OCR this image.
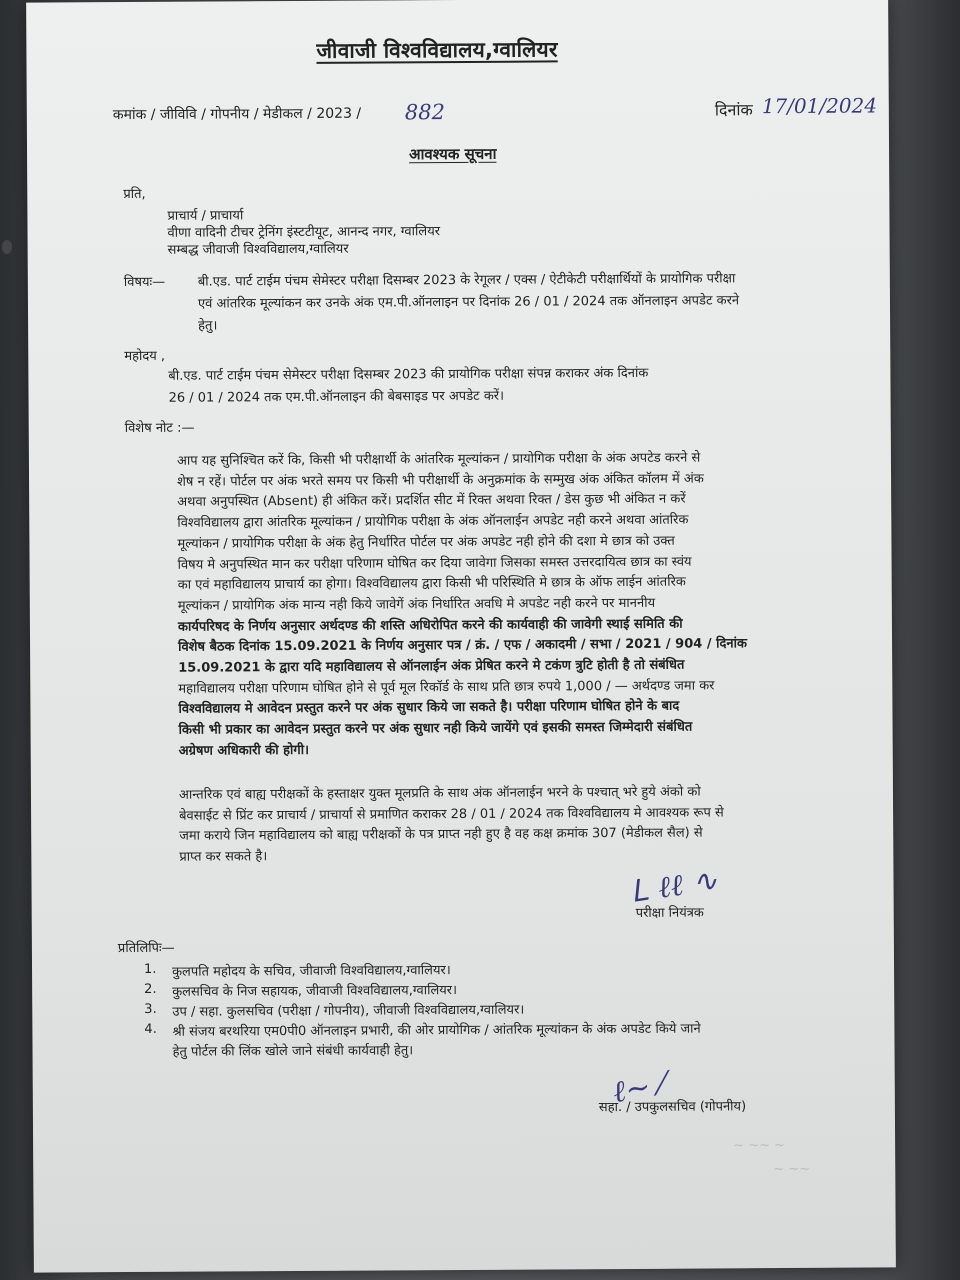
जीवाजी विश्वविद्यालय,ग्वालियर
कमांक / जीविवि / गोपनीय / मेडीकल / 2023 / 882	दिनांक 17/01/2024
आवश्यक सूचना
प्रति,
प्राचार्य / प्राचार्या
वीणा वादिनी टीचर ट्रेनिंग इंस्टटीयूट, आनन्द नगर, ग्वालियर
सम्बद्ध जीवाजी विश्वविद्यालय,ग्वालियर
विषयः—	बी.एड. पार्ट टाईम पंचम सेमेस्टर परीक्षा दिसम्बर 2023 के रेगूलर / एक्स / ऐटीकेटी परीक्षार्थियों के प्रायोगिक परीक्षा
एवं आंतरिक मूल्यांकन कर उनके अंक एम.पी.ऑनलाइन पर दिनांक 26 / 01 / 2024 तक ऑनलाइन अपडेट करने
हेतु।
महोदय ,
बी.एड. पार्ट टाईम पंचम सेमेस्टर परीक्षा दिसम्बर 2023 की प्रायोगिक परीक्षा संपन्न कराकर अंक दिनांक
26 / 01 / 2024 तक एम.पी.ऑनलाइन की बेबसाइड पर अपडेट करें।
विशेष नोट :—
आप यह सुनिश्चित करें कि, किसी भी परीक्षार्थी के आंतरिक मूल्यांकन / प्रायोगिक परीक्षा के अंक अपटेड करने से
शेष न रहें। पोर्टल पर अंक भरते समय पर किसी भी परीक्षार्थी के अनुक्रमांक के सम्मुख अंक अंकित कॉलम में अंक
अथवा अनुपस्थित (Absent) ही अंकित करें। प्रदर्शित सीट में रिक्त अथवा रिक्त / डेस कुछ भी अंकित न करें
विश्वविद्यालय द्वारा आंतरिक मूल्यांकन / प्रायोगिक परीक्षा के अंक ऑनलाईन अपडेट नही करने अथवा आंतरिक
मूल्यांकन / प्रायोगिक परीक्षा के अंक हेतु निर्धारित पोर्टल पर अंक अपडेट नही होने की दशा मे छात्र को उक्त
विषय मे अनुपस्थित मान कर परीक्षा परिणाम घोषित कर दिया जावेगा जिसका समस्त उत्तरदायित्व छात्र का स्वंय
का एवं महाविद्यालय प्राचार्य का होगा। विश्वविद्यालय द्वारा किसी भी परिस्थिति मे छात्र के ऑफ लाईन आंतरिक
मूल्यांकन / प्रायोगिक अंक मान्य नही किये जावेगें अंक निर्धारित अवधि मे अपडेट नही करने पर माननीय
कार्यपरिषद के निर्णय अनुसार अर्थदण्ड की शस्ति अधिरोपित करने की कार्यवाही की जावेगी स्थाई समिति की
विशेष बैठक दिनांक 15.09.2021 के निर्णय अनुसार पत्र / क्रं. / एफ / अकादमी / सभा / 2021 / 904 / दिनांक
15.09.2021 के द्वारा यदि महाविद्यालय से ऑनलाईन अंक प्रेषित करने मे टकंण त्रुटि होती है तो संबंधित
महाविद्यालय परीक्षा परिणाम घोषित होने से पूर्व मूल रिकॉर्ड के साथ प्रति छात्र रुपये 1,000 / — अर्थदण्ड जमा कर
विश्वविद्यालय मे आवेदन प्रस्तुत करने पर अंक सुधार किये जा सकते है। परीक्षा परिणाम घोषित होने के बाद
किसी भी प्रकार का आवेदन प्रस्तुत करने पर अंक सुधार नही किये जायेंगे एवं इसकी समस्त जिम्मेदारी संबंधित
अग्रेषण अधिकारी की होगी।
आन्तरिक एवं बाह्य परीक्षकों के हस्ताक्षर युक्त मूलप्रति के साथ अंक ऑनलाईन भरने के पश्चात् भरे हुये अंको को
बेवसाईट से प्रिंट कर प्राचार्य / प्राचार्या से प्रमाणित कराकर 28 / 01 / 2024 तक विश्वविद्यालय मे आवश्यक रूप से
जमा कराये जिन महाविद्यालय को बाह्य परीक्षकों के पत्र प्राप्त नही हुए है वह कक्ष क्रमांक 307 (मेडीकल सैल) से
प्राप्त कर सकते है।
Ꮮ ℓℓ ∿
परीक्षा नियंत्रक
प्रतिलिपिः—
1. कुलपति महोदय के सचिव, जीवाजी विश्वविद्यालय,ग्वालियर।
2. कुलसचिव के निज सहायक, जीवाजी विश्वविद्यालय,ग्वालियर।
3. उप / सहा. कुलसचिव (परीक्षा / गोपनीय), जीवाजी विश्वविद्यालय,ग्वालियर।
4. श्री संजय बरथरिया एम0पी0 ऑनलाइन प्रभारी, की ओर प्रायोगिक / आंतरिक मूल्यांकन के अंक अपडेट किये जाने
हेतु पोर्टल की लिंक खोले जाने संबंधी कार्यवाही हेतु।
ℓ~ ⁄
सहा. / उपकुलसचिव (गोपनीय)
~ ~~ ~
~ ~~
